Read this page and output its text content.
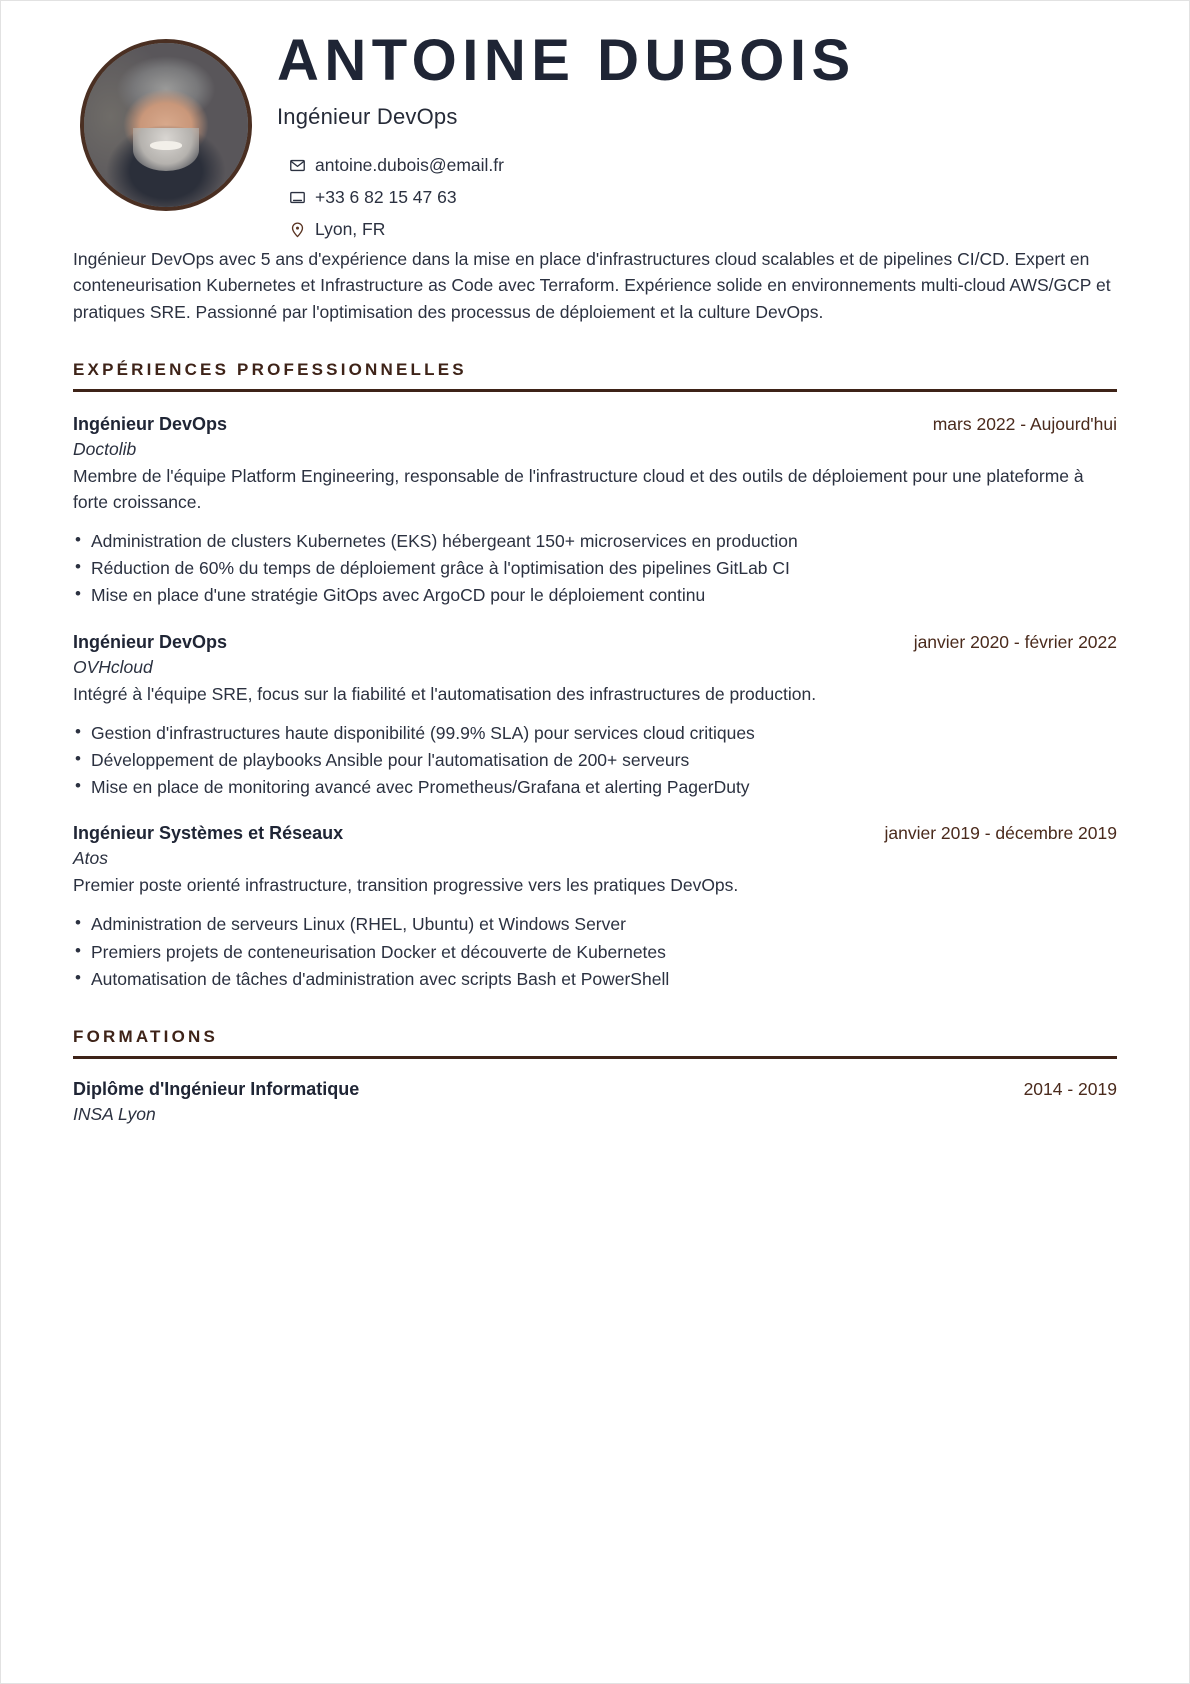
ANTOINE DUBOIS
Ingénieur DevOps
antoine.dubois@email.fr
+33 6 82 15 47 63
Lyon, FR
Ingénieur DevOps avec 5 ans d'expérience dans la mise en place d'infrastructures cloud scalables et de pipelines CI/CD. Expert en conteneurisation Kubernetes et Infrastructure as Code avec Terraform. Expérience solide en environnements multi-cloud AWS/GCP et pratiques SRE. Passionné par l'optimisation des processus de déploiement et la culture DevOps.
EXPÉRIENCES PROFESSIONNELLES
Ingénieur DevOps	mars 2022 - Aujourd'hui
Doctolib
Membre de l'équipe Platform Engineering, responsable de l'infrastructure cloud et des outils de déploiement pour une plateforme à forte croissance.
• Administration de clusters Kubernetes (EKS) hébergeant 150+ microservices en production
• Réduction de 60% du temps de déploiement grâce à l'optimisation des pipelines GitLab CI
• Mise en place d'une stratégie GitOps avec ArgoCD pour le déploiement continu
Ingénieur DevOps	janvier 2020 - février 2022
OVHcloud
Intégré à l'équipe SRE, focus sur la fiabilité et l'automatisation des infrastructures de production.
• Gestion d'infrastructures haute disponibilité (99.9% SLA) pour services cloud critiques
• Développement de playbooks Ansible pour l'automatisation de 200+ serveurs
• Mise en place de monitoring avancé avec Prometheus/Grafana et alerting PagerDuty
Ingénieur Systèmes et Réseaux	janvier 2019 - décembre 2019
Atos
Premier poste orienté infrastructure, transition progressive vers les pratiques DevOps.
• Administration de serveurs Linux (RHEL, Ubuntu) et Windows Server
• Premiers projets de conteneurisation Docker et découverte de Kubernetes
• Automatisation de tâches d'administration avec scripts Bash et PowerShell
FORMATIONS
Diplôme d'Ingénieur Informatique	2014 - 2019
INSA Lyon
